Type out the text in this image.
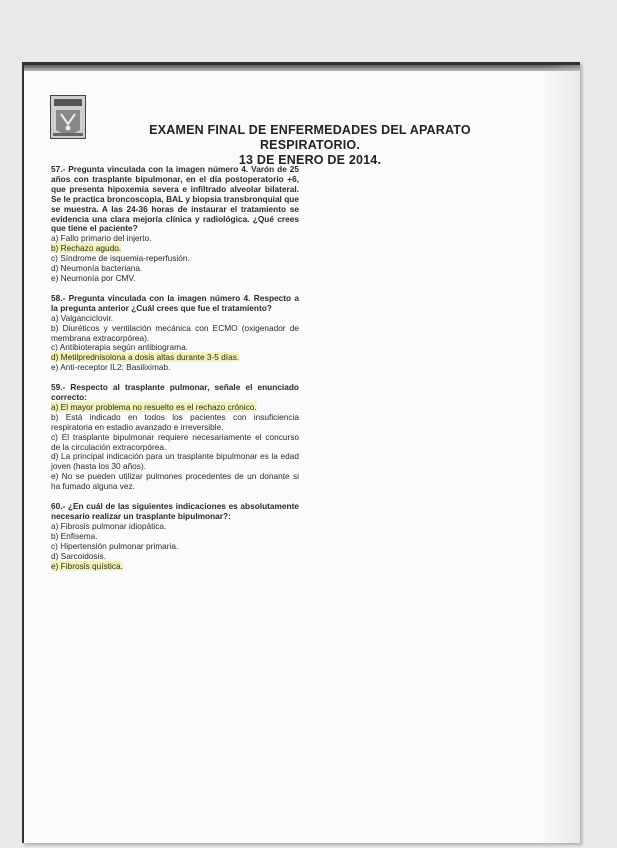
EXAMEN FINAL DE ENFERMEDADES DEL APARATO RESPIRATORIO.
13 DE ENERO DE 2014.
57.- Pregunta vinculada con la imagen número 4. Varón de 25 años con trasplante bipulmonar, en el día postoperatorio +6, que presenta hipoxemia severa e infiltrado alveolar bilateral. Se le practica broncoscopia, BAL y biopsia transbronquial que se muestra. A las 24-36 horas de instaurar el tratamiento se evidencia una clara mejoría clínica y radiológica. ¿Qué crees que tiene el paciente?
a) Fallo primario del injerto.
b) Rechazo agudo.
c) Síndrome de isquemia-reperfusión.
d) Neumonía bacteriana.
e) Neumonía por CMV.
58.- Pregunta vinculada con la imagen número 4. Respecto a la pregunta anterior ¿Cuál crees que fue el tratamiento?
a) Valganciclovir.
b) Diuréticos y ventilación mecánica con ECMO (oxigenador de membrana extracorpórea).
c) Antibioterapia según antibiograma.
d) Metilprednisolona a dosis altas durante 3-5 días.
e) Anti-receptor IL2: Basiliximab.
59.- Respecto al trasplante pulmonar, señale el enunciado correcto:
a) El mayor problema no resuelto es el rechazo crónico.
b) Está indicado en todos los pacientes con insuficiencia respiratoria en estadio avanzado e irreversible.
c) El trasplante bipulmonar requiere necesariamente el concurso de la circulación extracorpórea.
d) La principal indicación para un trasplante bipulmonar es la edad joven (hasta los 30 años).
e) No se pueden utilizar pulmones procedentes de un donante si ha fumado alguna vez.
60.- ¿En cuál de las siguientes indicaciones es absolutamente necesario realizar un trasplante bipulmonar?:
a) Fibrosis pulmonar idiopática.
b) Enfisema.
c) Hipertensión pulmonar primaria.
d) Sarcoidosis.
e) Fibrosis quística.
